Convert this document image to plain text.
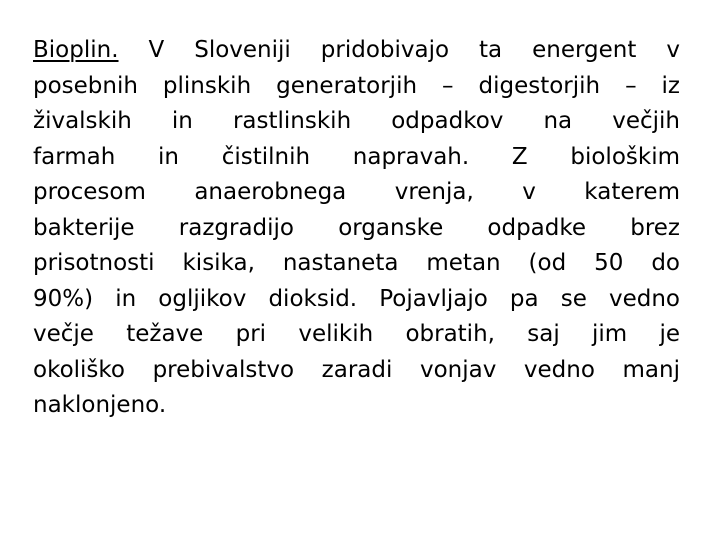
Bioplin. V Sloveniji pridobivajo ta energent v
posebnih plinskih generatorjih – digestorjih – iz
živalskih in rastlinskih odpadkov na večjih
farmah in čistilnih napravah. Z biološkim
procesom anaerobnega vrenja, v katerem
bakterije razgradijo organske odpadke brez
prisotnosti kisika, nastaneta metan (od 50 do
90%) in ogljikov dioksid. Pojavljajo pa se vedno
večje težave pri velikih obratih, saj jim je
okoliško prebivalstvo zaradi vonjav vedno manj
naklonjeno.
